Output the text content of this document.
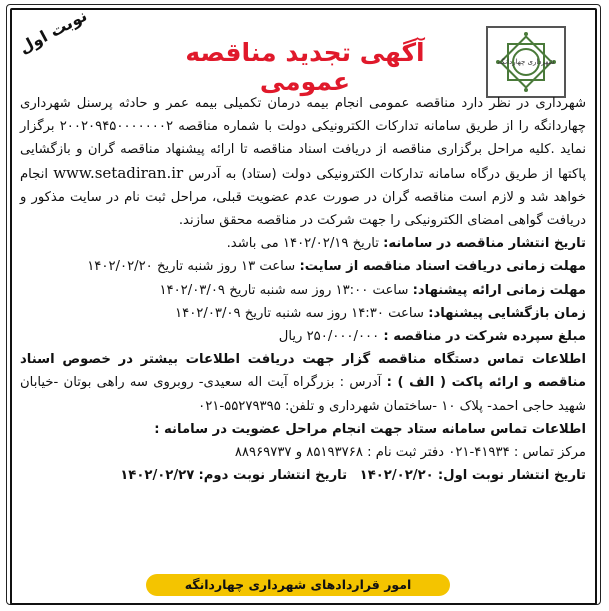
نوبت اول	آگهی تجدید مناقصه عمومی
شهرداری چهاردانگه

شهرداری در نظر دارد مناقصه عمومی انجام بیمه درمان تکمیلی بیمه عمر و حادثه پرسنل شهرداری چهاردانگه را از طریق سامانه تدارکات الکترونیکی دولت با شماره مناقصه ۲۰۰۲۰۹۴۵۰۰۰۰۰۰۰۲ برگزار نماید .کلیه مراحل برگزاری مناقصه از دریافت اسناد مناقصه تا ارائه پیشنهاد مناقصه گران و بازگشایی پاکتها از طریق درگاه سامانه تدارکات الکترونیکی دولت (ستاد) به آدرس www.setadiran.ir انجام خواهد شد و لازم است مناقصه گران در صورت عدم عضویت قبلی، مراحل ثبت نام در سایت مذکور و دریافت گواهی امضای الکترونیکی را جهت شرکت در مناقصه محقق سازند.

تاریخ انتشار مناقصه در سامانه: تاریخ ۱۴۰۲/۰۲/۱۹ می باشد.

مهلت زمانی دریافت اسناد مناقصه از سایت: ساعت ۱۳ روز شنبه تاریخ ۱۴۰۲/۰۲/۲۰

مهلت زمانی ارائه پیشنهاد: ساعت ۱۳:۰۰ روز سه شنبه تاریخ ۱۴۰۲/۰۳/۰۹

زمان بازگشایی پیشنهاد: ساعت ۱۴:۳۰ روز سه شنبه تاریخ ۱۴۰۲/۰۳/۰۹

مبلغ سپرده شرکت در مناقصه : ۲۵۰/۰۰۰/۰۰۰ ریال

اطلاعات تماس دستگاه مناقصه گزار جهت دریافت اطلاعات بیشتر در خصوص اسناد مناقصه و ارائه پاکت ( الف ) : آدرس : بزرگراه آیت اله سعیدی- روبروی سه راهی بوتان -خیابان شهید حاجی احمد- پلاک ۱۰ -ساختمان شهرداری و تلفن: ۵۵۲۷۹۳۹۵-۰۲۱

اطلاعات تماس سامانه ستاد جهت انجام مراحل عضویت در سامانه :

مرکز تماس : ۴۱۹۳۴-۰۲۱ دفتر ثبت نام : ۸۵۱۹۳۷۶۸ و ۸۸۹۶۹۷۳۷

تاریخ انتشار نوبت اول: ۱۴۰۲/۰۲/۲۰   تاریخ انتشار نوبت دوم: ۱۴۰۲/۰۲/۲۷

امور قراردادهای شهرداری چهاردانگه
